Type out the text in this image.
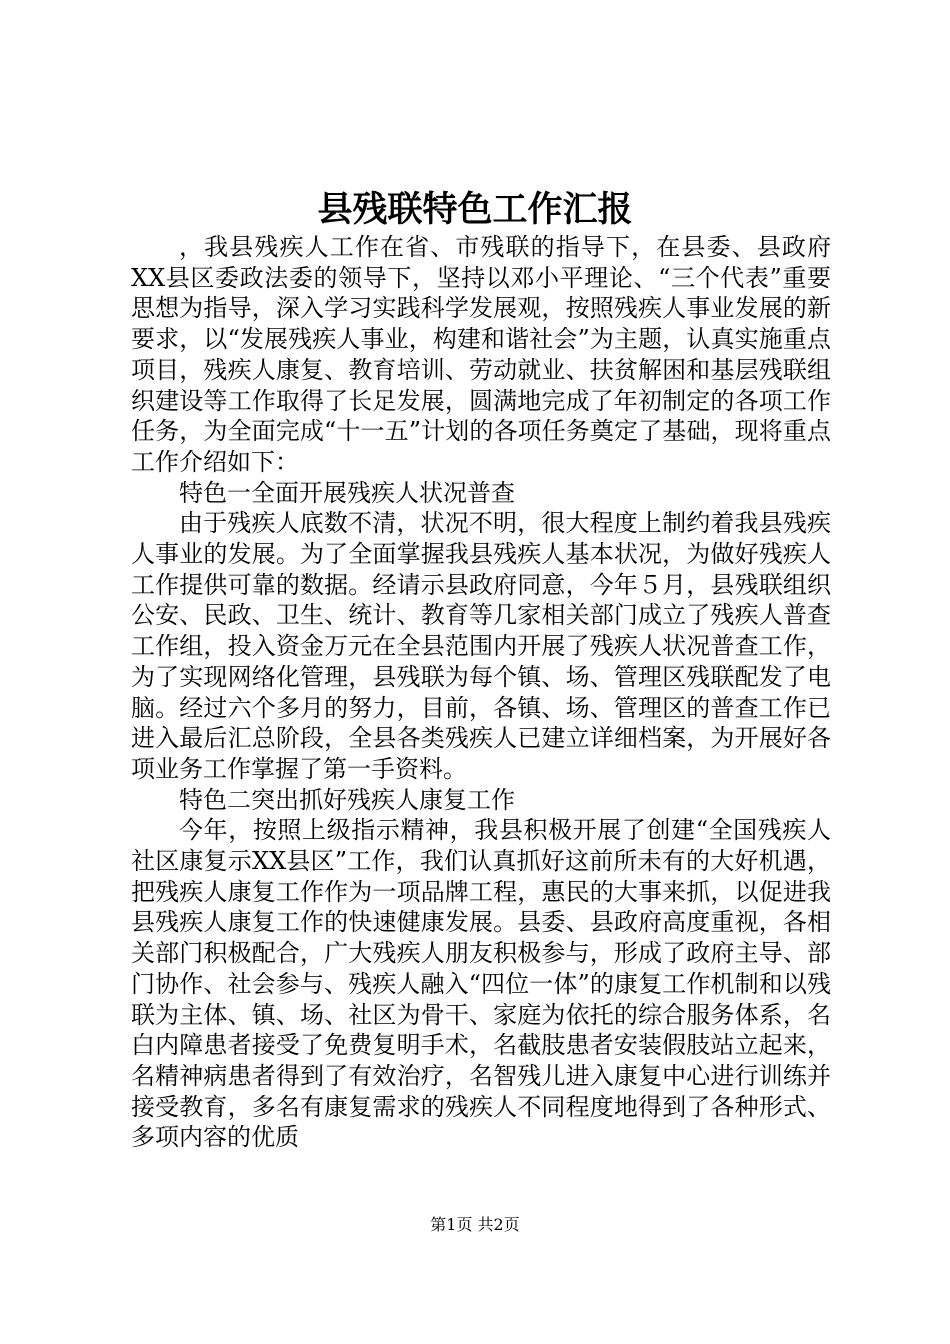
县残联特色工作汇报

，我县残疾人工作在省、市残联的指导下，在县委、县政府XX县区委政法委的领导下，坚持以邓小平理论、“三个代表”重要思想为指导，深入学习实践科学发展观，按照残疾人事业发展的新要求，以“发展残疾人事业，构建和谐社会”为主题，认真实施重点项目，残疾人康复、教育培训、劳动就业、扶贫解困和基层残联组织建设等工作取得了长足发展，圆满地完成了年初制定的各项工作任务，为全面完成“十一五”计划的各项任务奠定了基础，现将重点工作介绍如下：

特色一全面开展残疾人状况普查

由于残疾人底数不清，状况不明，很大程度上制约着我县残疾人事业的发展。为了全面掌握我县残疾人基本状况，为做好残疾人工作提供可靠的数据。经请示县政府同意，今年５月，县残联组织公安、民政、卫生、统计、教育等几家相关部门成立了残疾人普查工作组，投入资金万元在全县范围内开展了残疾人状况普查工作，为了实现网络化管理，县残联为每个镇、场、管理区残联配发了电脑。经过六个多月的努力，目前，各镇、场、管理区的普查工作已进入最后汇总阶段，全县各类残疾人已建立详细档案，为开展好各项业务工作掌握了第一手资料。

特色二突出抓好残疾人康复工作

今年，按照上级指示精神，我县积极开展了创建“全国残疾人社区康复示XX县区”工作，我们认真抓好这前所未有的大好机遇，把残疾人康复工作作为一项品牌工程，惠民的大事来抓，以促进我县残疾人康复工作的快速健康发展。县委、县政府高度重视，各相关部门积极配合，广大残疾人朋友积极参与，形成了政府主导、部门协作、社会参与、残疾人融入“四位一体”的康复工作机制和以残联为主体、镇、场、社区为骨干、家庭为依托的综合服务体系，名白内障患者接受了免费复明手术，名截肢患者安装假肢站立起来，名精神病患者得到了有效治疗，名智残儿进入康复中心进行训练并接受教育，多名有康复需求的残疾人不同程度地得到了各种形式、多项内容的优质

第1页 共2页
